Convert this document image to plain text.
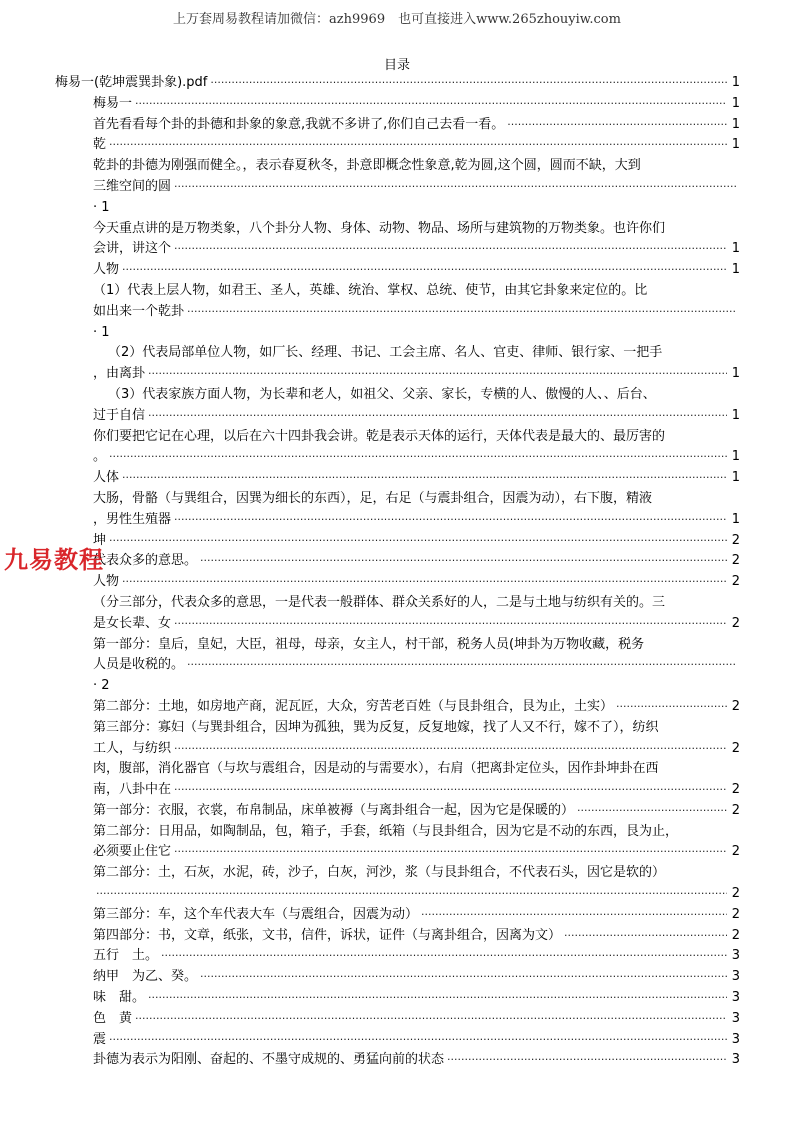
上万套周易教程请加微信：azh9969　也可直接进入www.265zhouyiw.com
九易教程
目录
梅易一(乾坤震巽卦象).pdf ·····	1
梅易一 ·····	1
首先看看每个卦的卦德和卦象的象意,我就不多讲了,你们自己去看一看。 ·····	1
乾 ·····	1
乾卦的卦德为刚强而健全。，表示春夏秋冬，卦意即概念性象意,乾为圆,这个圆，圆而不缺，大到
三维空间的圆
·····
· 1
今天重点讲的是万物类象，八个卦分人物、身体、动物、物品、场所与建筑物的万物类象。也许你们
会讲，讲这个 ·····	1
人物 ·····	1
（1）代表上层人物，如君王、圣人，英雄、统治、掌权、总统、使节，由其它卦象来定位的。比
如出来一个乾卦
·····
· 1
（2）代表局部单位人物，如厂长、经理、书记、工会主席、名人、官吏、律师、银行家、一把手
，由离卦 ·····	1
（3）代表家族方面人物，为长辈和老人，如祖父、父亲、家长，专横的人、傲慢的人、、后台、
过于自信 ·····	1
你们要把它记在心理，以后在六十四卦我会讲。乾是表示天体的运行，天体代表是最大的、最厉害的
。 ·····	1
人体 ·····	1
大肠，骨骼（与巽组合，因巽为细长的东西），足，右足（与震卦组合，因震为动），右下腹，精液
，男性生殖器 ·····	1
坤 ·····	2
代表众多的意思。 ·····	2
人物 ·····	2
（分三部分，代表众多的意思，一是代表一般群体、群众关系好的人，二是与土地与纺织有关的。三
是女长辈、女 ·····	2
第一部分：皇后，皇妃，大臣，祖母，母亲，女主人，村干部，税务人员(坤卦为万物收藏，税务
人员是收税的。
·····
· 2
第二部分：土地，如房地产商，泥瓦匠，大众，穷苦老百姓（与艮卦组合，艮为止，土实） ·····	2
第三部分：寡妇（与巽卦组合，因坤为孤独，巽为反复，反复地嫁，找了人又不行，嫁不了），纺织
工人，与纺织 ·····	2
肉，腹部，消化器官（与坎与震组合，因是动的与需要水），右肩（把离卦定位头，因作卦坤卦在西
南，八卦中在 ·····	2
第一部分：衣服，衣裳，布帛制品，床单被褥（与离卦组合一起，因为它是保暖的） ·····	2
第二部分：日用品，如陶制品，包，箱子，手套，纸箱（与艮卦组合，因为它是不动的东西，艮为止，
必须要止住它 ·····	2
第二部分：土，石灰，水泥，砖，沙子，白灰，河沙，浆（与艮卦组合，不代表石头，因它是软的）
·····
2
第三部分：车，这个车代表大车（与震组合，因震为动） ·····	2
第四部分：书，文章，纸张，文书，信件，诉状，证件（与离卦组合，因离为文） ·····	2
五行　土。 ·····	3
纳甲　为乙、癸。 ·····	3
味　甜。 ·····	3
色　黄 ·····	3
震 ·····	3
卦德为表示为阳刚、奋起的、不墨守成规的、勇猛向前的状态 ·····	3
